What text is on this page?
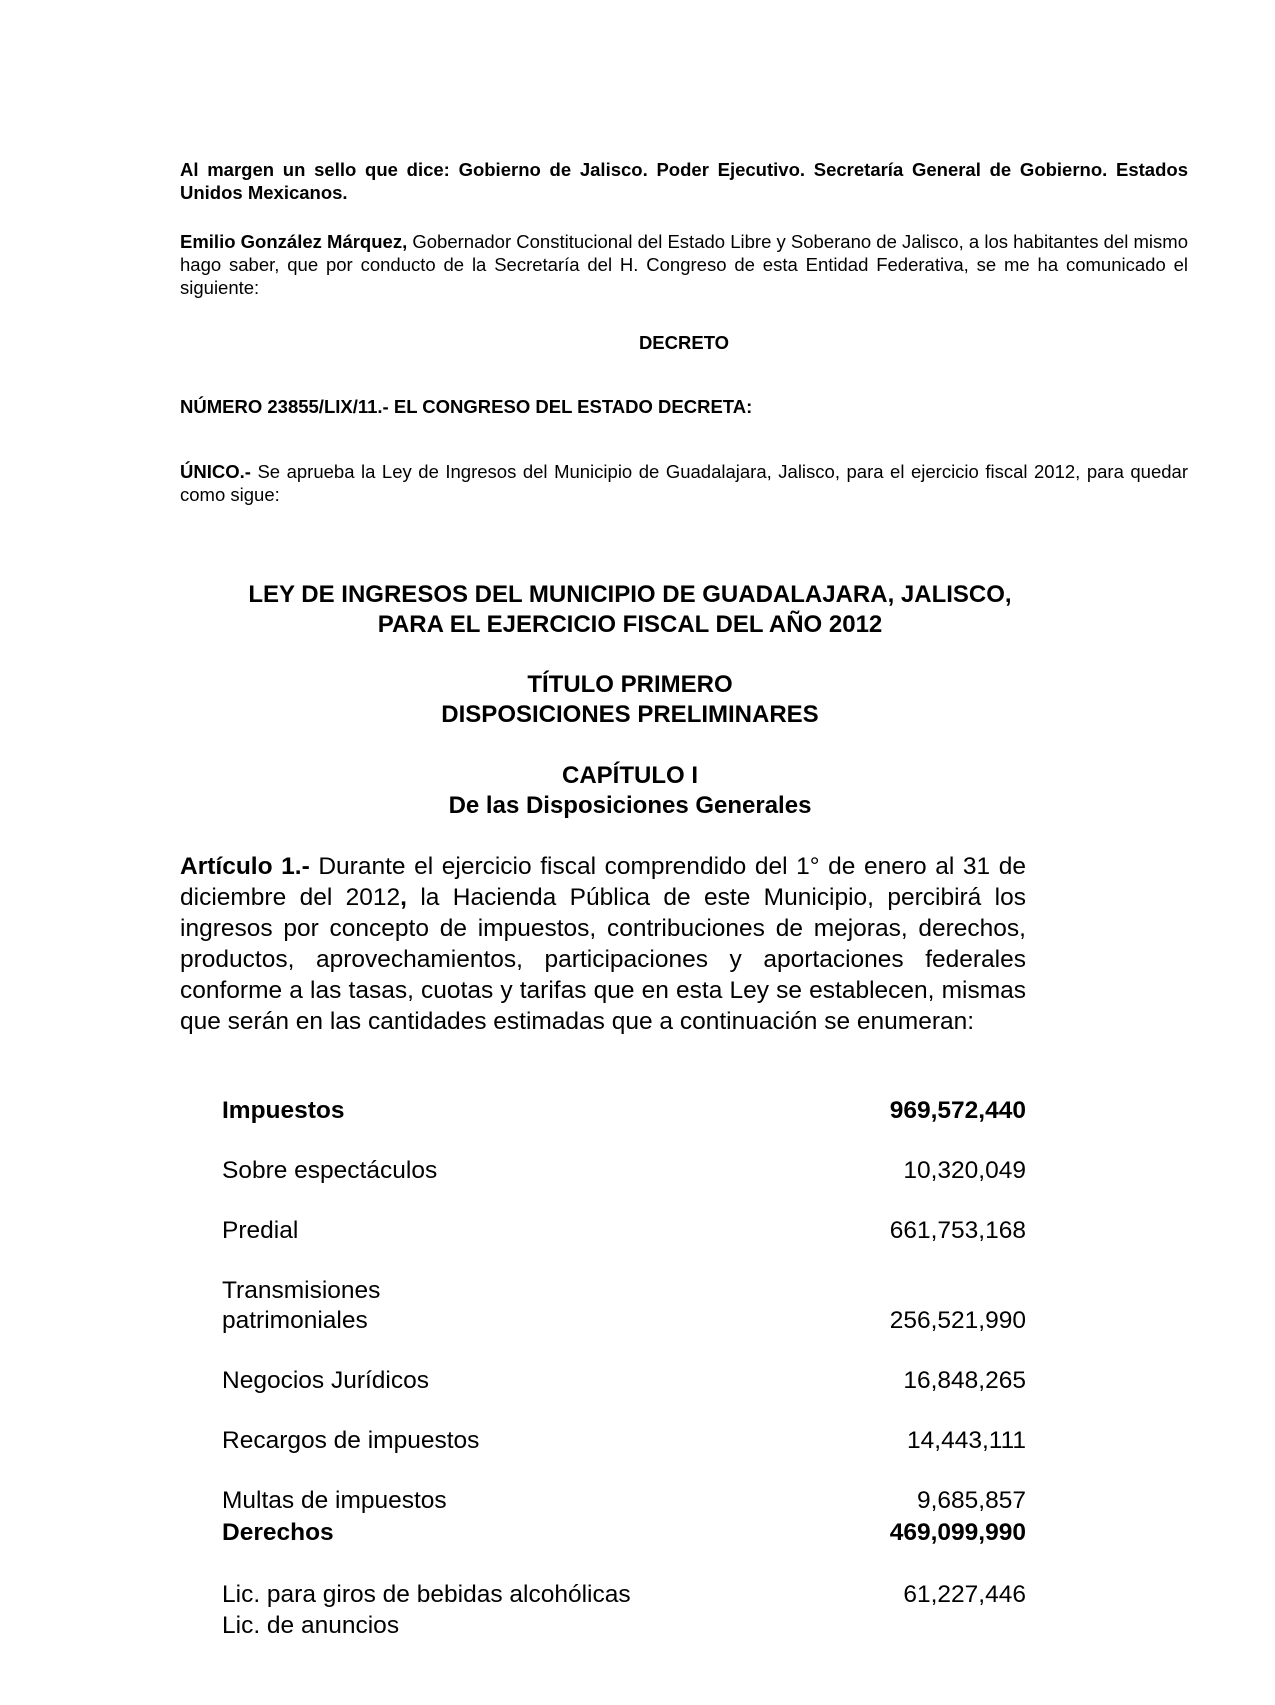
Al margen un sello que dice: Gobierno de Jalisco. Poder Ejecutivo. Secretaría General de Gobierno. Estados Unidos Mexicanos.
Emilio González Márquez, Gobernador Constitucional del Estado Libre y Soberano de Jalisco, a los habitantes del mismo hago saber, que por conducto de la Secretaría del H. Congreso de esta Entidad Federativa, se me ha comunicado el siguiente:
DECRETO
NÚMERO 23855/LIX/11.- EL CONGRESO DEL ESTADO DECRETA:
ÚNICO.- Se aprueba la Ley de Ingresos del Municipio de Guadalajara, Jalisco, para el ejercicio fiscal 2012, para quedar como sigue:
LEY DE INGRESOS DEL MUNICIPIO DE GUADALAJARA, JALISCO,
PARA EL EJERCICIO FISCAL DEL AÑO 2012
TÍTULO PRIMERO
DISPOSICIONES PRELIMINARES
CAPÍTULO I
De las Disposiciones Generales
Artículo 1.- Durante el ejercicio fiscal comprendido del 1° de enero al 31 de diciembre del 2012, la Hacienda Pública de este Municipio, percibirá los ingresos por concepto de impuestos, contribuciones de mejoras, derechos, productos, aprovechamientos, participaciones y aportaciones federales conforme a las tasas, cuotas y tarifas que en esta Ley se establecen, mismas que serán en las cantidades estimadas que a continuación se enumeran:
Impuestos	969,572,440
Sobre espectáculos	10,320,049
Predial	661,753,168
Transmisiones
patrimoniales	256,521,990
Negocios Jurídicos	16,848,265
Recargos de impuestos	14,443,111
Multas de impuestos	9,685,857
Derechos	469,099,990
Lic. para giros de bebidas alcohólicas	61,227,446
Lic. de anuncios
